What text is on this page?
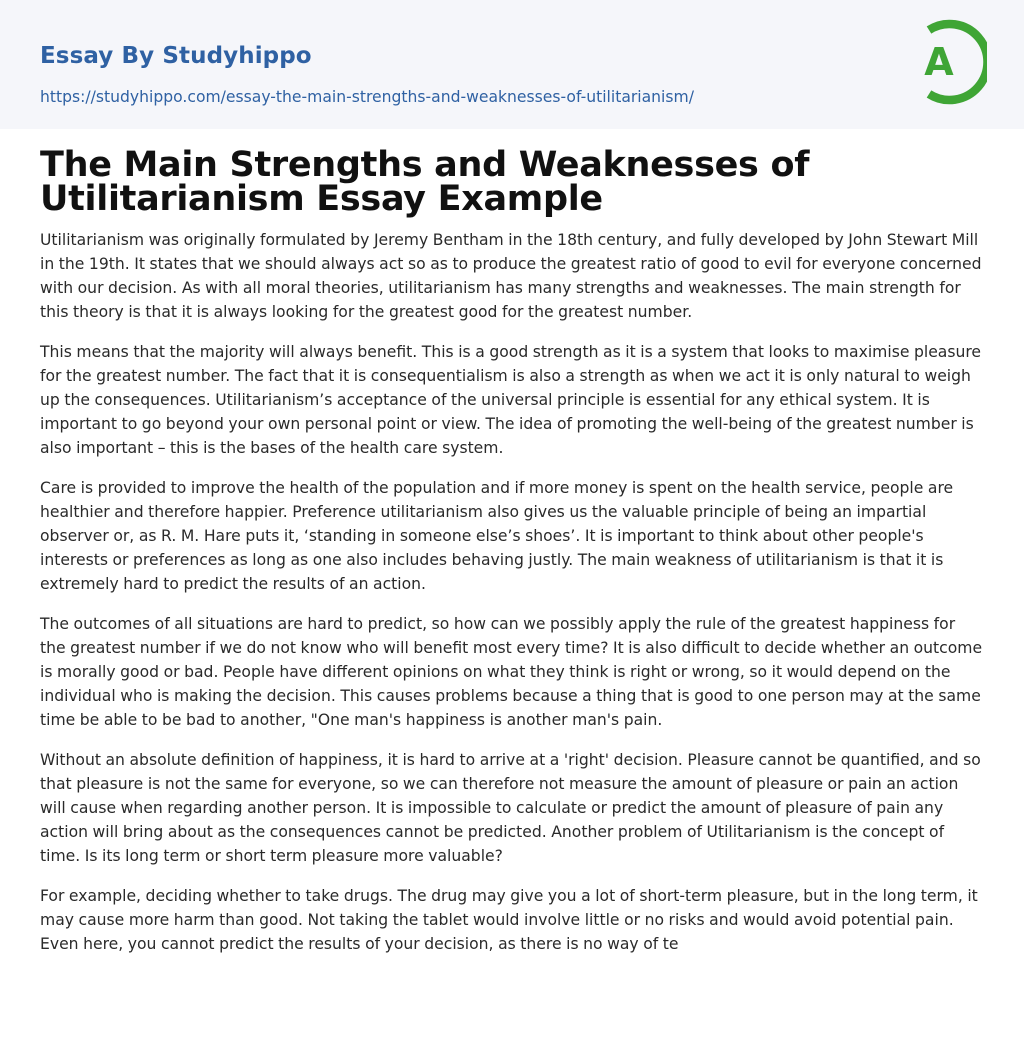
Essay By Studyhippo
https://studyhippo.com/essay-the-main-strengths-and-weaknesses-of-utilitarianism/
A
The Main Strengths and Weaknesses of Utilitarianism Essay Example

Utilitarianism was originally formulated by Jeremy Bentham in the 18th century, and fully developed by John Stewart Mill in the 19th. It states that we should always act so as to produce the greatest ratio of good to evil for everyone concerned with our decision. As with all moral theories, utilitarianism has many strengths and weaknesses. The main strength for this theory is that it is always looking for the greatest good for the greatest number.

This means that the majority will always benefit. This is a good strength as it is a system that looks to maximise pleasure for the greatest number. The fact that it is consequentialism is also a strength as when we act it is only natural to weigh up the consequences. Utilitarianism’s acceptance of the universal principle is essential for any ethical system. It is important to go beyond your own personal point or view. The idea of promoting the well-being of the greatest number is also important – this is the bases of the health care system.

Care is provided to improve the health of the population and if more money is spent on the health service, people are healthier and therefore happier. Preference utilitarianism also gives us the valuable principle of being an impartial observer or, as R. M. Hare puts it, ‘standing in someone else’s shoes’. It is important to think about other people's interests or preferences as long as one also includes behaving justly. The main weakness of utilitarianism is that it is extremely hard to predict the results of an action.

The outcomes of all situations are hard to predict, so how can we possibly apply the rule of the greatest happiness for the greatest number if we do not know who will benefit most every time? It is also difficult to decide whether an outcome is morally good or bad. People have different opinions on what they think is right or wrong, so it would depend on the individual who is making the decision. This causes problems because a thing that is good to one person may at the same time be able to be bad to another, "One man's happiness is another man's pain.

Without an absolute definition of happiness, it is hard to arrive at a 'right' decision. Pleasure cannot be quantified, and so that pleasure is not the same for everyone, so we can therefore not measure the amount of pleasure or pain an action will cause when regarding another person. It is impossible to calculate or predict the amount of pleasure of pain any action will bring about as the consequences cannot be predicted. Another problem of Utilitarianism is the concept of time. Is its long term or short term pleasure more valuable?

For example, deciding whether to take drugs. The drug may give you a lot of short-term pleasure, but in the long term, it may cause more harm than good. Not taking the tablet would involve little or no risks and would avoid potential pain. Even here, you cannot predict the results of your decision, as there is no way of te
